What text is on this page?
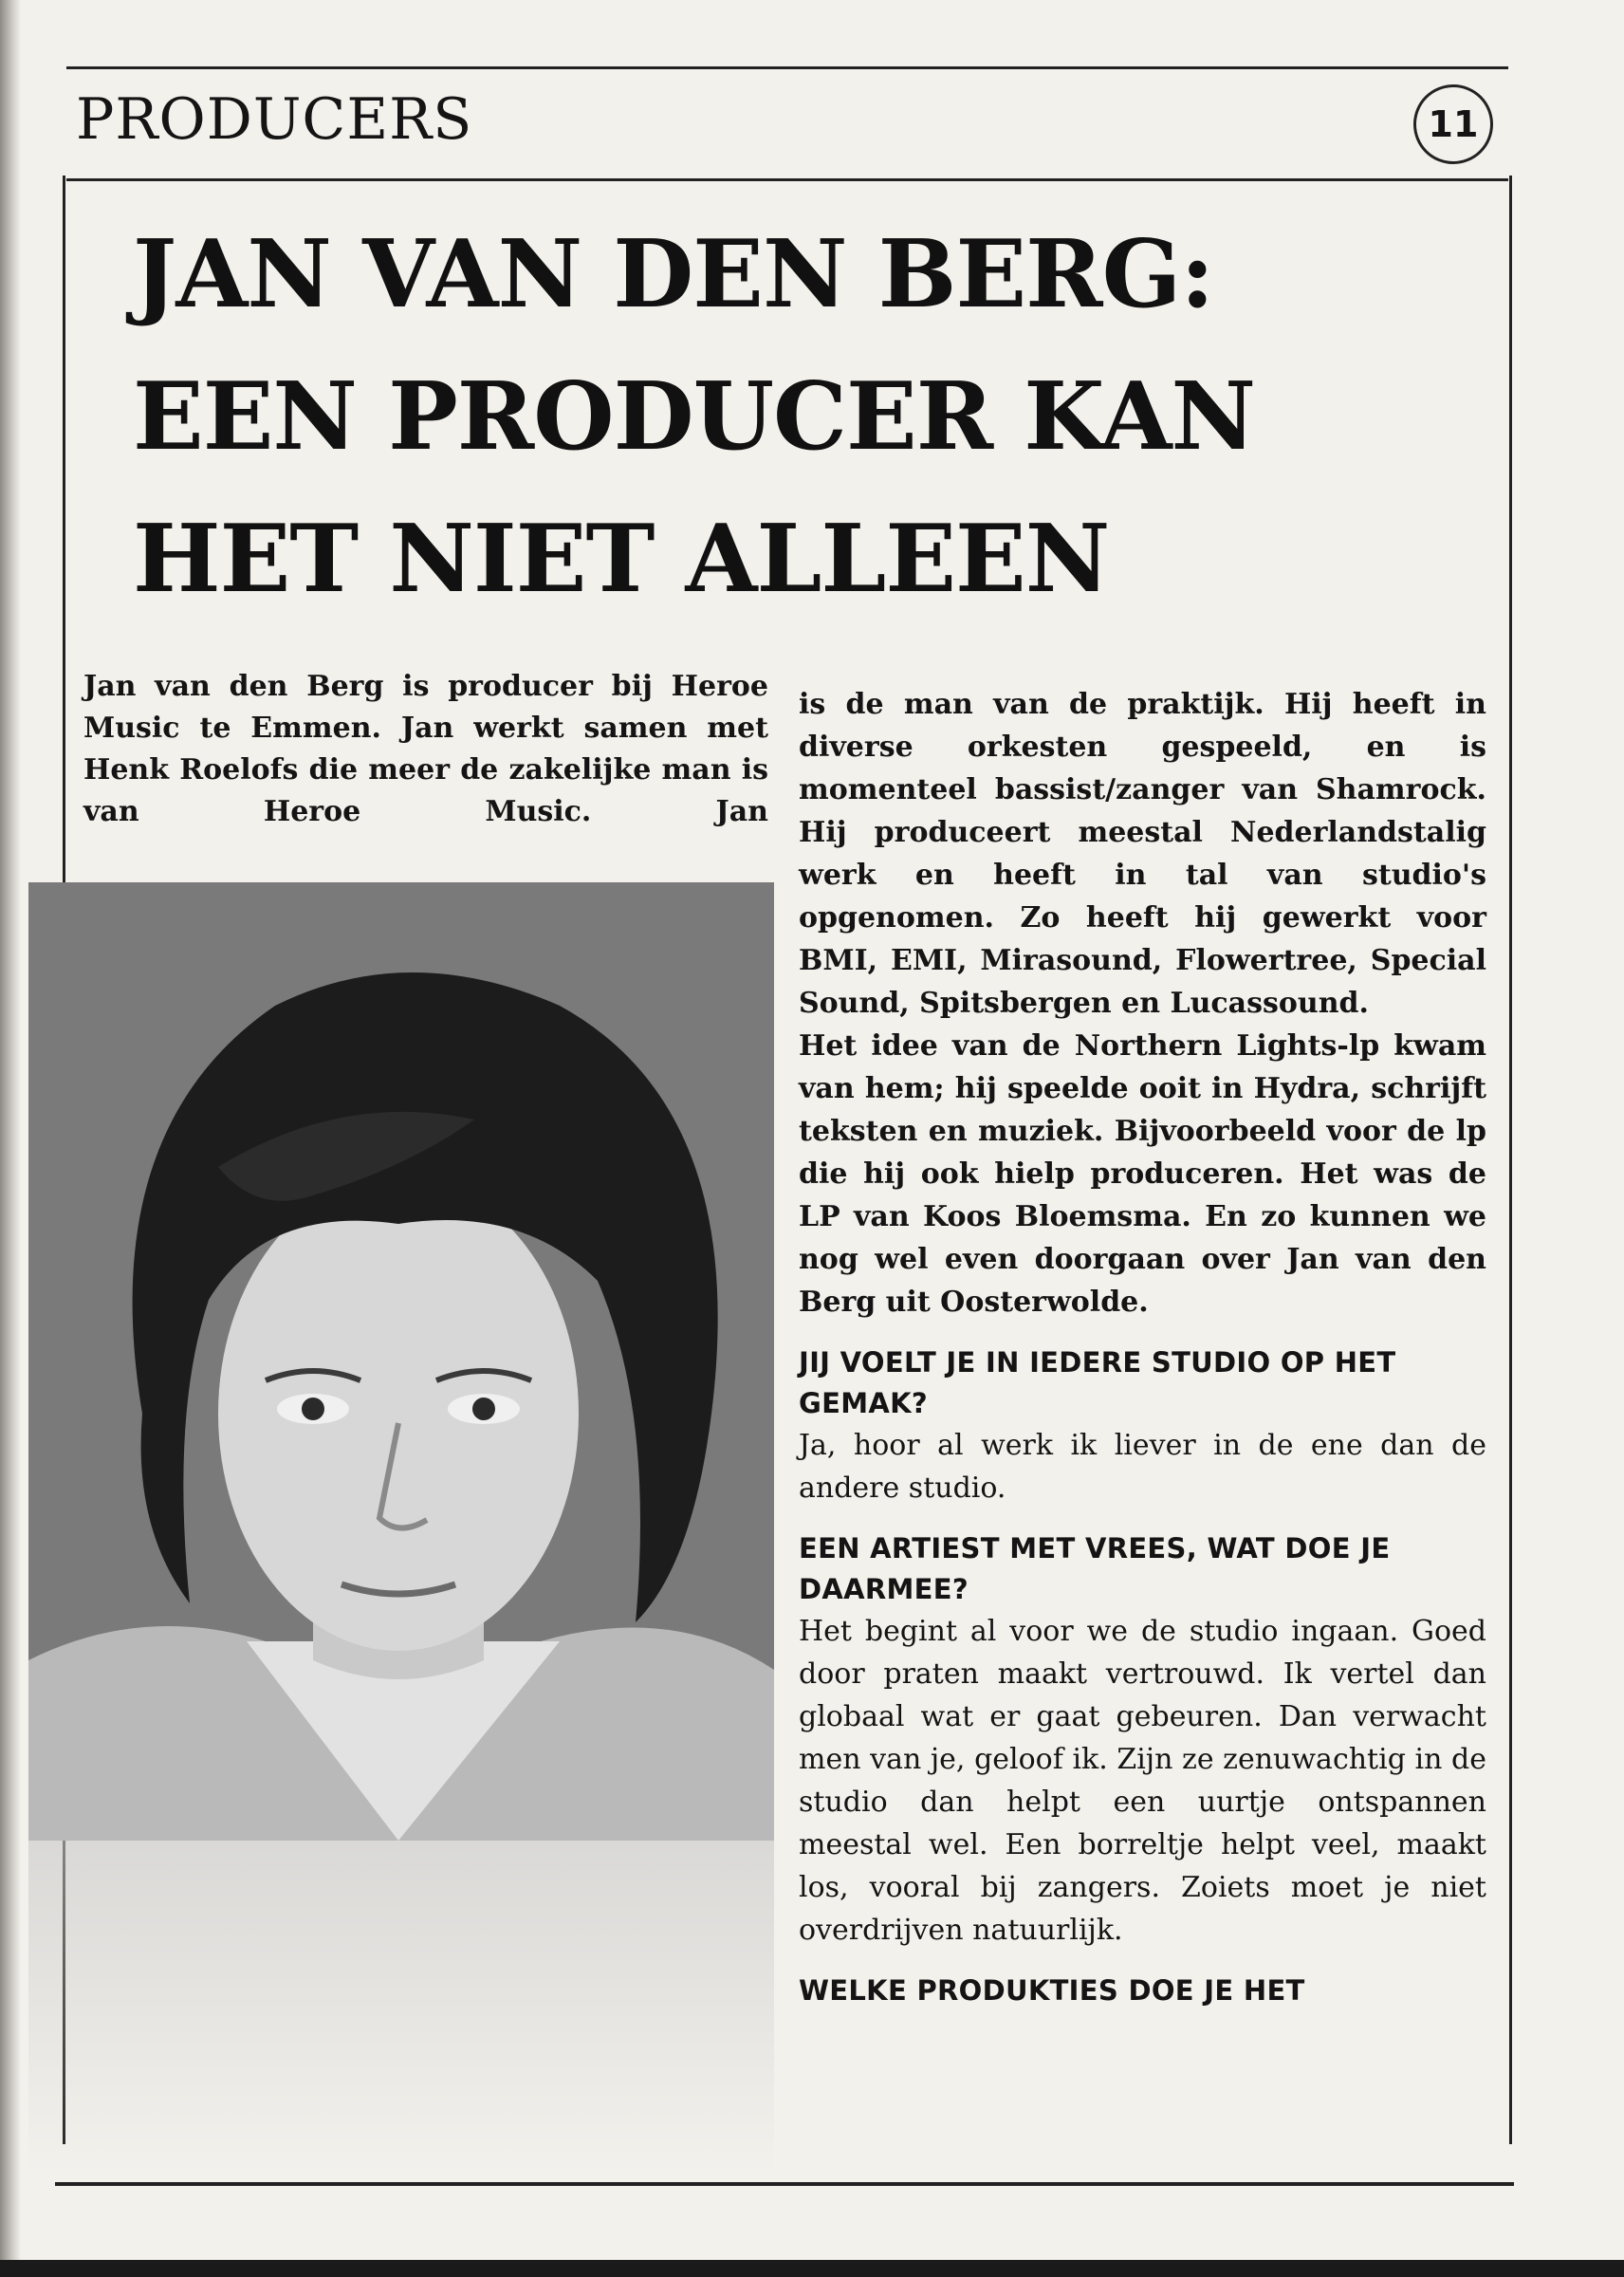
PRODUCERS	11
JAN VAN DEN BERG:
EEN PRODUCER KAN
HET NIET ALLEEN

Jan van den Berg is producer bij Heroe Music te Emmen. Jan werkt samen met Henk Roelofs die meer de zakelijke man is van Heroe Music. Jan

is de man van de praktijk. Hij heeft in diverse orkesten gespeeld, en is momenteel bassist/zanger van Shamrock. Hij produceert meestal Nederlandstalig werk en heeft in tal van studio's opgenomen. Zo heeft hij gewerkt voor BMI, EMI, Mirasound, Flowertree, Special Sound, Spitsbergen en Lucassound.

Het idee van de Northern Lights-lp kwam van hem; hij speelde ooit in Hydra, schrijft teksten en muziek. Bijvoorbeeld voor de lp die hij ook hielp produceren. Het was de LP van Koos Bloemsma. En zo kunnen we nog wel even doorgaan over Jan van den Berg uit Oosterwolde.

JIJ VOELT JE IN IEDERE STUDIO OP HET GEMAK?

Ja, hoor al werk ik liever in de ene dan de andere studio.

EEN ARTIEST MET VREES, WAT DOE JE DAARMEE?

Het begint al voor we de studio ingaan. Goed door praten maakt vertrouwd. Ik vertel dan globaal wat er gaat gebeuren. Dan verwacht men van je, geloof ik. Zijn ze zenuwachtig in de studio dan helpt een uurtje ontspannen meestal wel. Een borreltje helpt veel, maakt los, vooral bij zangers. Zoiets moet je niet overdrijven natuurlijk.

WELKE PRODUKTIES DOE JE HET
